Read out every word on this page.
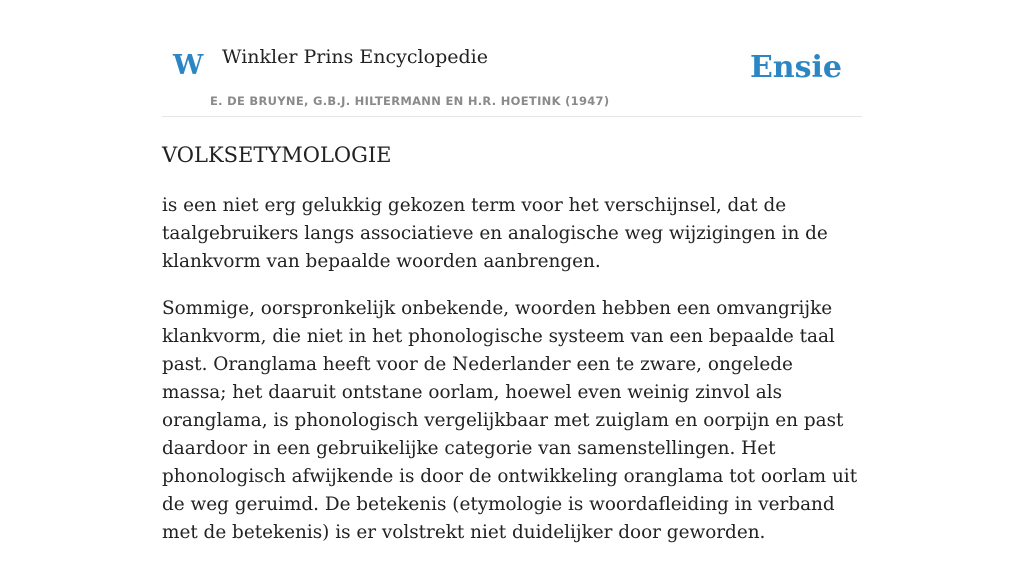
W Winkler Prins Encyclopedie
E. DE BRUYNE, G.B.J. HILTERMANN EN H.R. HOETINK (1947)
Ensie
VOLKSETYMOLOGIE

is een niet erg gelukkig gekozen term voor het verschijnsel, dat de taalgebruikers langs associatieve en analogische weg wijzigingen in de klankvorm van bepaalde woorden aanbrengen.

Sommige, oorspronkelijk onbekende, woorden hebben een omvangrijke klankvorm, die niet in het phonologische systeem van een bepaalde taal past. Oranglama heeft voor de Nederlander een te zware, ongelede massa; het daaruit ontstane oorlam, hoewel even weinig zinvol als oranglama, is phonologisch vergelijkbaar met zuiglam en oorpijn en past daardoor in een gebruikelijke categorie van samenstellingen. Het phonologisch afwijkende is door de ontwikkeling oranglama tot oorlam uit de weg geruimd. De betekenis (etymologie is woordafleiding in verband met de betekenis) is er volstrekt niet duidelijker door geworden.
